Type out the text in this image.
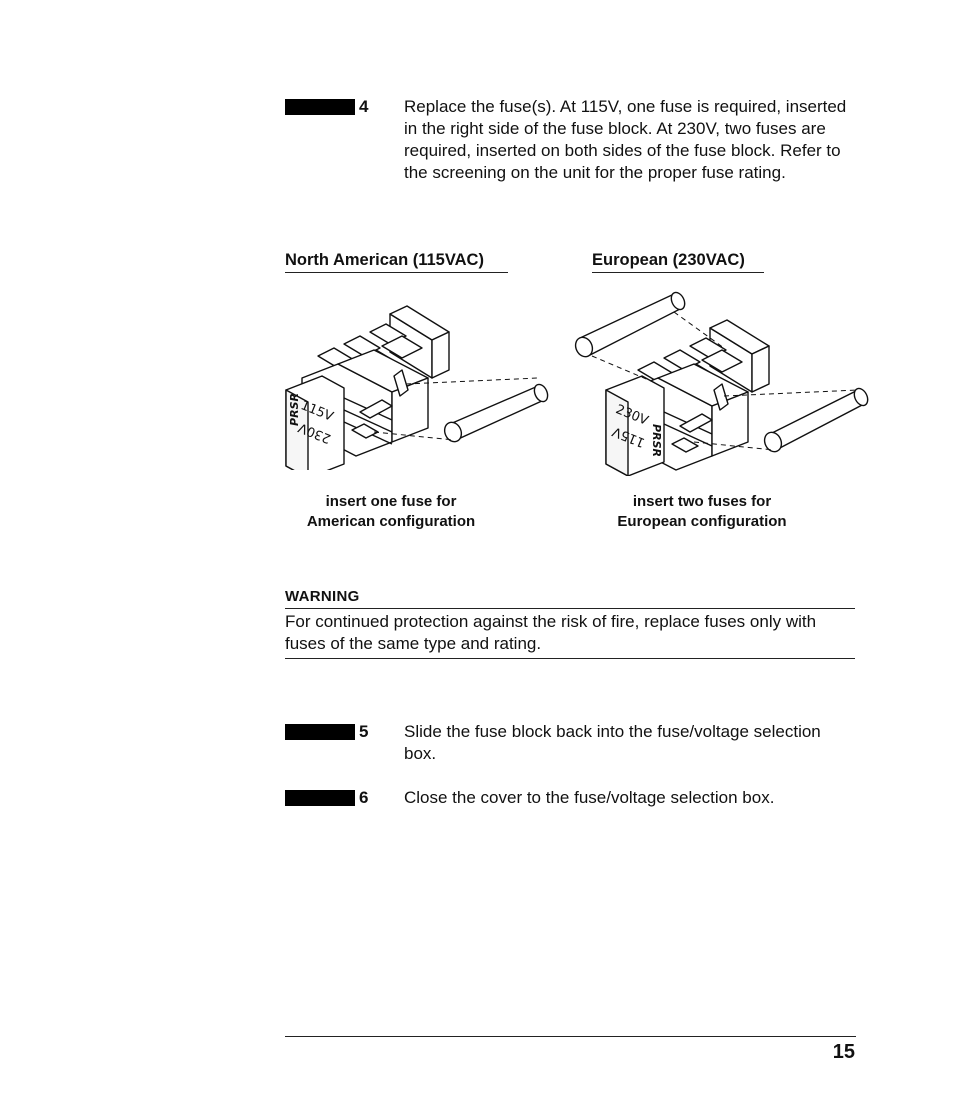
4 Replace the fuse(s). At 115V, one fuse is required, inserted in the right side of the fuse block. At 230V, two fuses are required, inserted on both sides of the fuse block. Refer to the screening on the unit for the proper fuse rating.
North American (115VAC)	European (230VAC)
PRSR
115V
230V	PRSR
230V
115V
insert one fuse for
American configuration
insert two fuses for
European configuration
WARNING
For continued protection against the risk of fire, replace fuses only with fuses of the same type and rating.
5 Slide the fuse block back into the fuse/voltage selection box.
6 Close the cover to the fuse/voltage selection box.
15
